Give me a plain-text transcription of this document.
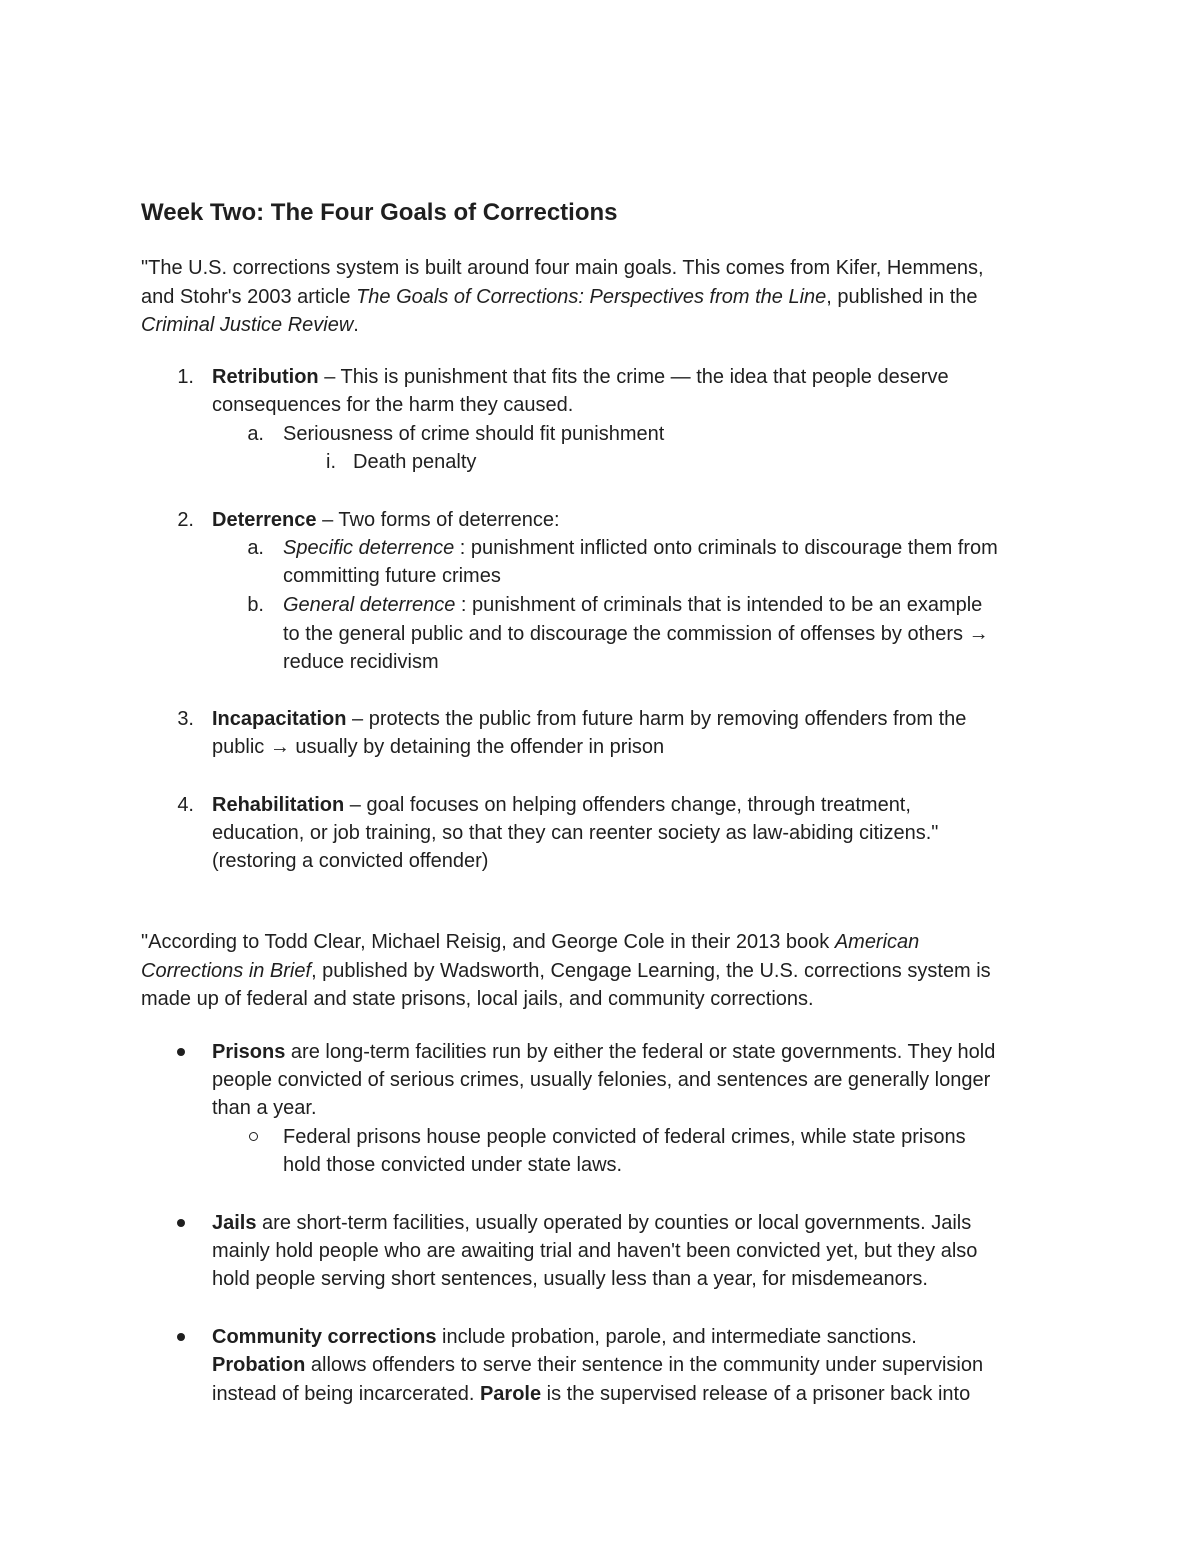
Week Two: The Four Goals of Corrections
"The U.S. corrections system is built around four main goals. This comes from Kifer, Hemmens,
and Stohr's 2003 article The Goals of Corrections: Perspectives from the Line, published in the
Criminal Justice Review.
1. Retribution – This is punishment that fits the crime — the idea that people deserve
consequences for the harm they caused.
a. Seriousness of crime should fit punishment
i. Death penalty
2. Deterrence – Two forms of deterrence:
a. Specific deterrence : punishment inflicted onto criminals to discourage them from
committing future crimes
b. General deterrence : punishment of criminals that is intended to be an example
to the general public and to discourage the commission of offenses by others →
reduce recidivism
3. Incapacitation – protects the public from future harm by removing offenders from the
public → usually by detaining the offender in prison
4. Rehabilitation – goal focuses on helping offenders change, through treatment,
education, or job training, so that they can reenter society as law-abiding citizens."
(restoring a convicted offender)
"According to Todd Clear, Michael Reisig, and George Cole in their 2013 book American
Corrections in Brief, published by Wadsworth, Cengage Learning, the U.S. corrections system is
made up of federal and state prisons, local jails, and community corrections.
Prisons are long-term facilities run by either the federal or state governments. They hold
people convicted of serious crimes, usually felonies, and sentences are generally longer
than a year.
Federal prisons house people convicted of federal crimes, while state prisons
hold those convicted under state laws.
Jails are short-term facilities, usually operated by counties or local governments. Jails
mainly hold people who are awaiting trial and haven't been convicted yet, but they also
hold people serving short sentences, usually less than a year, for misdemeanors.
Community corrections include probation, parole, and intermediate sanctions.
Probation allows offenders to serve their sentence in the community under supervision
instead of being incarcerated. Parole is the supervised release of a prisoner back into
